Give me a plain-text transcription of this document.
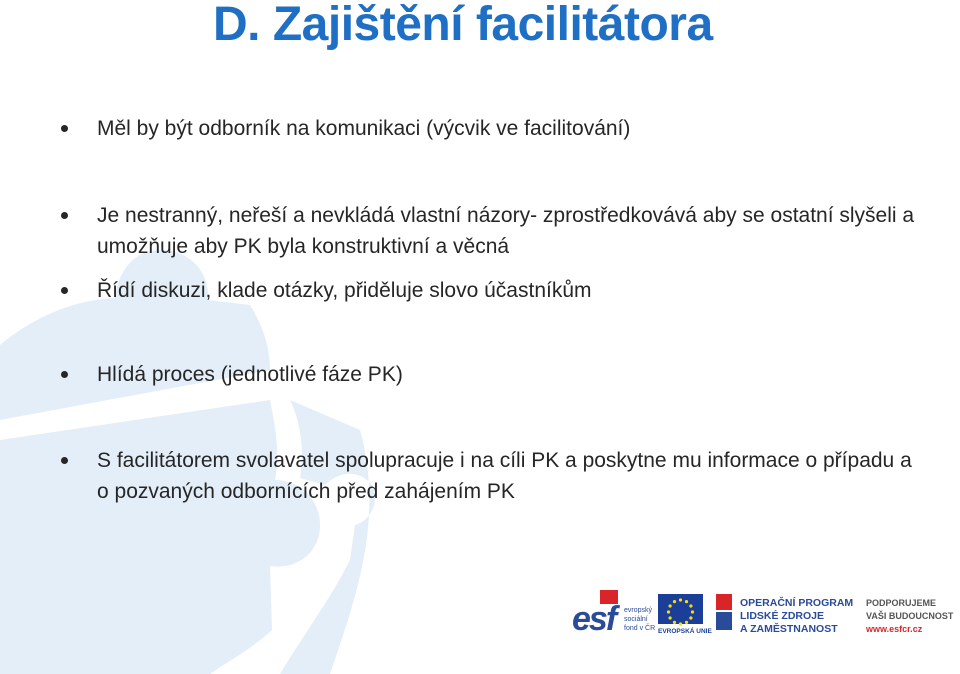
D. Zajištění facilitátora

Měl by být odborník na komunikaci (výcvik ve facilitování)

Je nestranný, neřeší a nevkládá vlastní názory- zprostředkovává aby se ostatní slyšeli a umožňuje aby PK byla konstruktivní a věcná

Řídí diskuzi, klade otázky, přiděluje slovo účastníkům

Hlídá proces (jednotlivé fáze PK)

S facilitátorem svolavatel spolupracuje i na cíli PK a poskytne mu informace o případu a o pozvaných odbornících před zahájením PK

esf	evropský
sociální
fond v ČR EVROPSKÁ UNIE
OPERAČNÍ PROGRAM
LIDSKÉ ZDROJE
A ZAMĚSTNANOST
PODPORUJEME
VAŠI BUDOUCNOST
www.esfcr.cz
